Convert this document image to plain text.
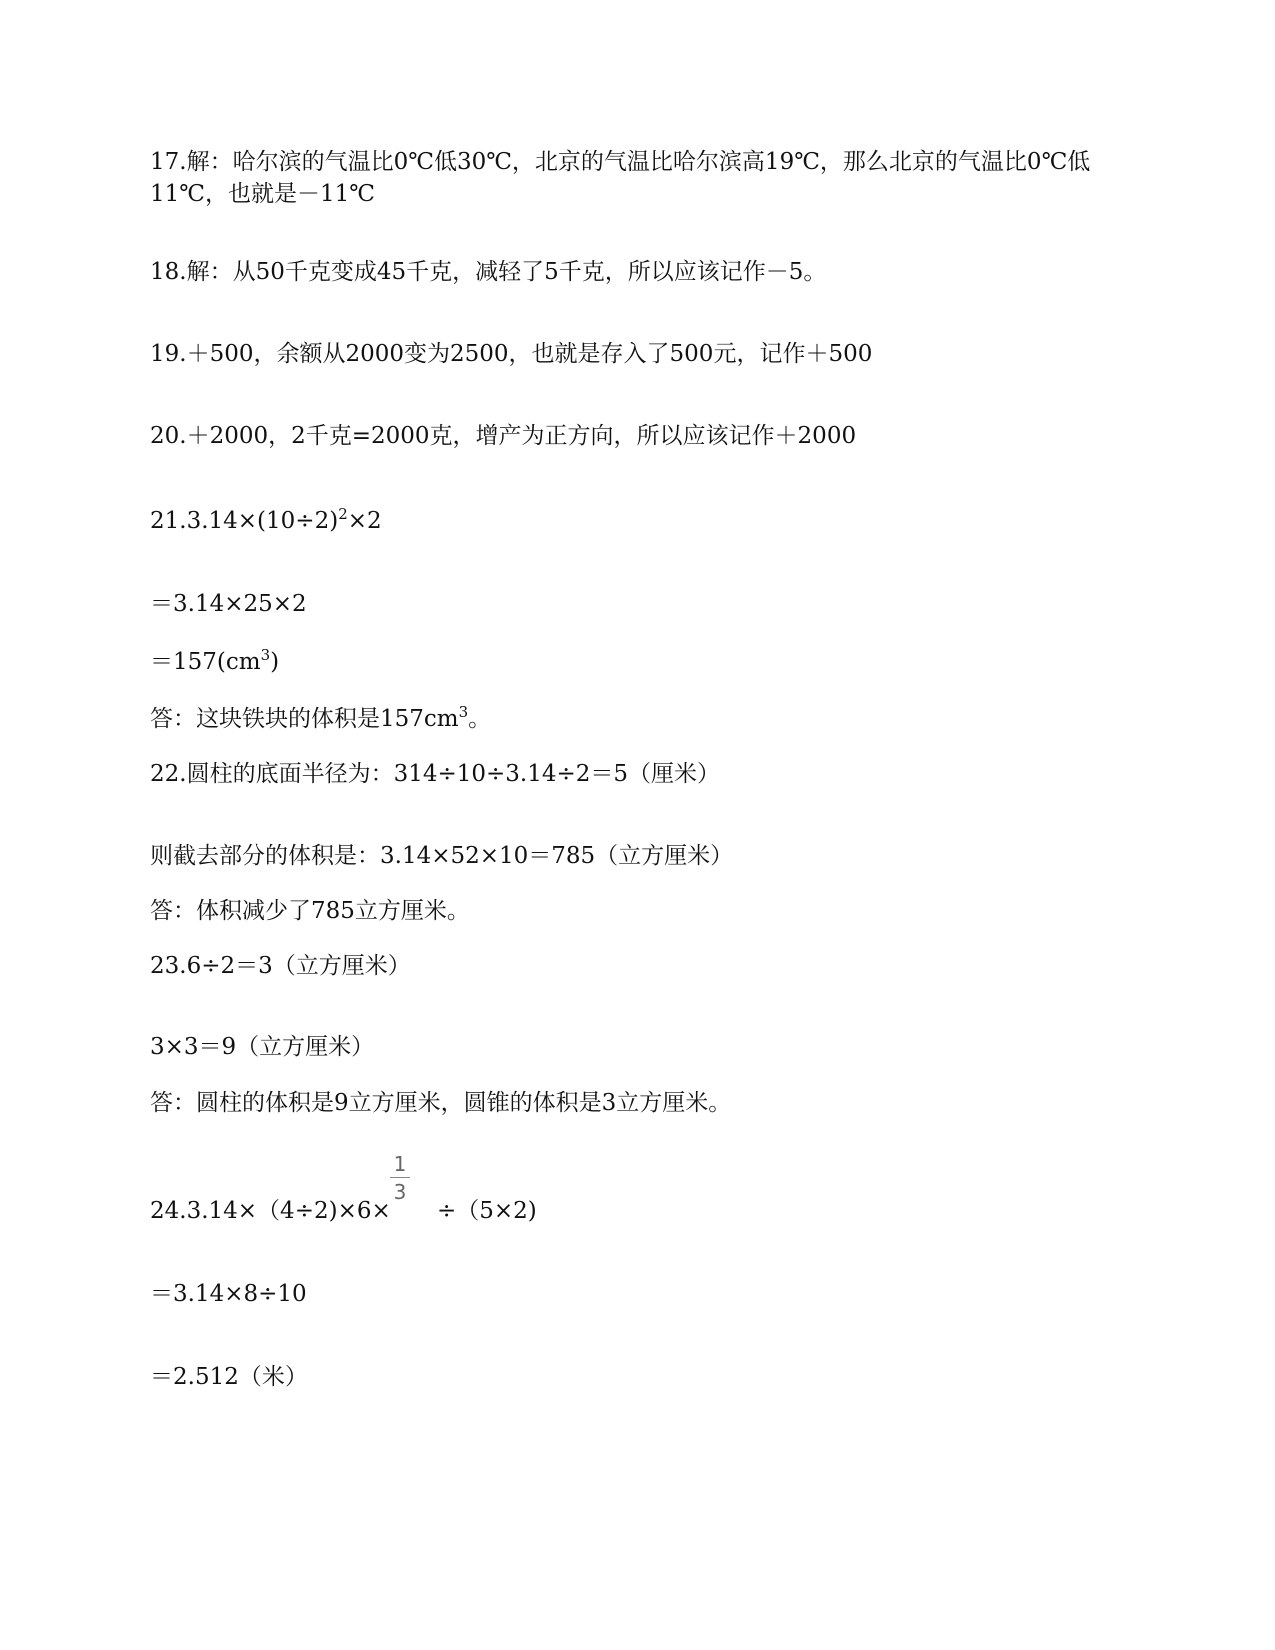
17.解：哈尔滨的气温比0℃低30℃，北京的气温比哈尔滨高19℃，那么北京的气温比0℃低
11℃，也就是－11℃
18.解：从50千克变成45千克，减轻了5千克，所以应该记作－5。
19.＋500，余额从2000变为2500，也就是存入了500元，记作＋500
20.＋2000，2千克=2000克，增产为正方向，所以应该记作＋2000
$21.3.14\times(10\div 2)^2\times 2$
＝3.14×25×2
$=157(cm^3)$
答：这块铁块的体积是$157cm^3$。
22.圆柱的底面半径为：314÷10÷3.14÷2＝5（厘米）
则截去部分的体积是：3.14×52×10＝785（立方厘米）
答：体积减少了785立方厘米。
23.6÷2＝3（立方厘米）
3×3＝9（立方厘米）
答：圆柱的体积是9立方厘米，圆锥的体积是3立方厘米。
24.3.14×（4÷2)×6×
1
3
÷（5×2)
＝3.14×8÷10
＝2.512（米）
